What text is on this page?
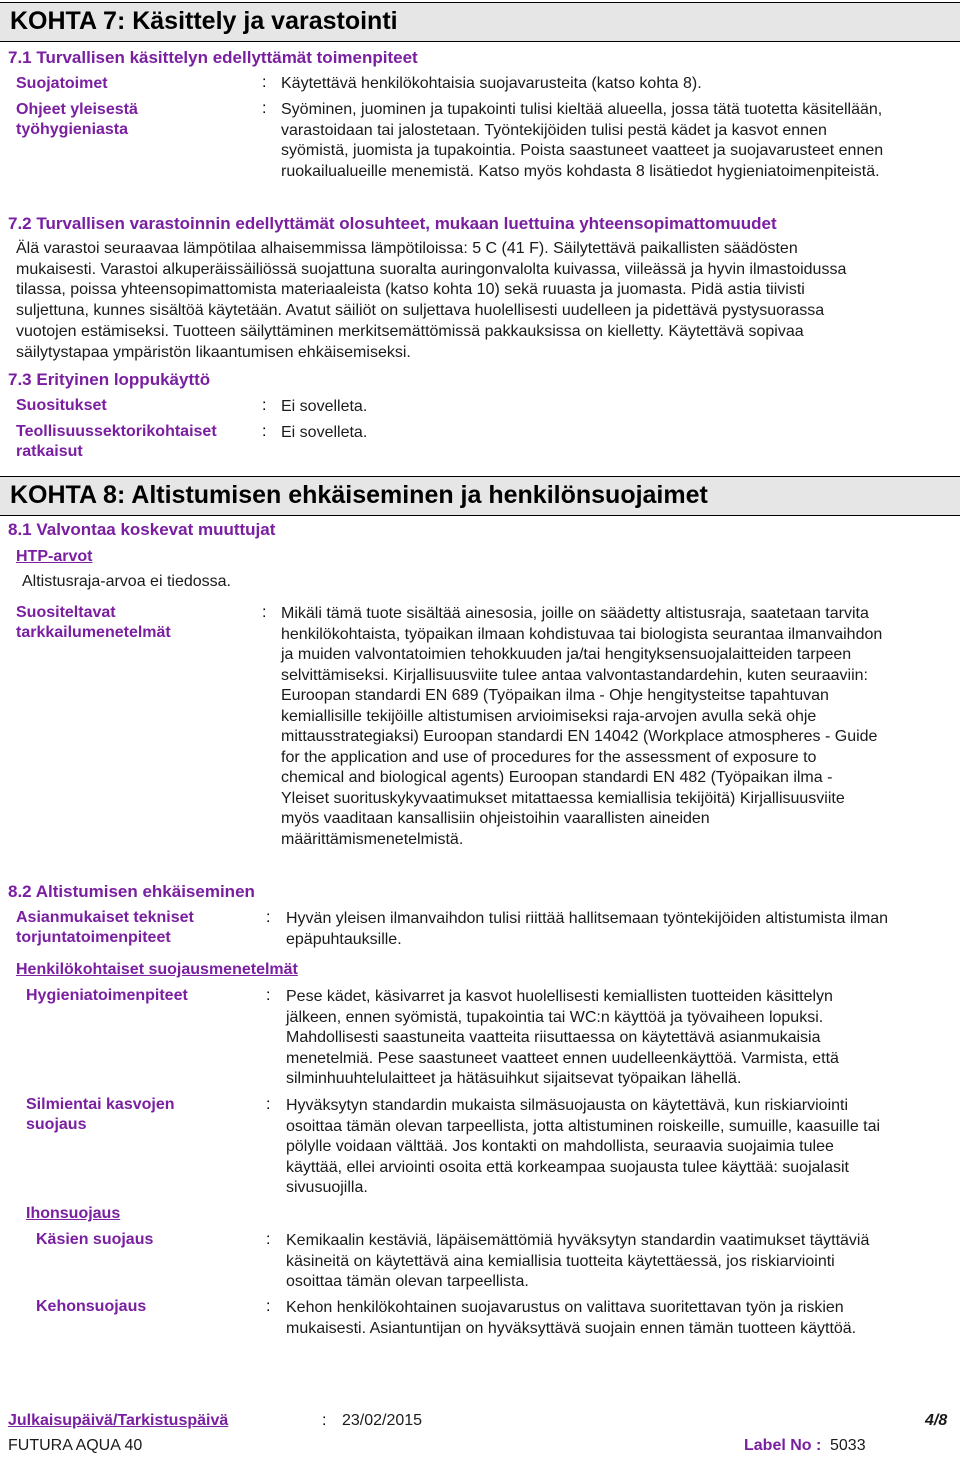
KOHTA 7: Käsittely ja varastointi
7.1 Turvallisen käsittelyn edellyttämät toimenpiteet
Suojatoimet	: Käytettävä henkilökohtaisia suojavarusteita (katso kohta 8).
Ohjeet yleisestä
työhygieniasta
: Syöminen, juominen ja tupakointi tulisi kieltää alueella, jossa tätä tuotetta käsitellään,
varastoidaan tai jalostetaan. Työntekijöiden tulisi pestä kädet ja kasvot ennen
syömistä, juomista ja tupakointia. Poista saastuneet vaatteet ja suojavarusteet ennen
ruokailualueille menemistä. Katso myös kohdasta 8 lisätiedot hygieniatoimenpiteistä.
7.2 Turvallisen varastoinnin edellyttämät olosuhteet, mukaan luettuina yhteensopimattomuudet
Älä varastoi seuraavaa lämpötilaa alhaisemmissa lämpötiloissa: 5 C (41 F). Säilytettävä paikallisten säädösten
mukaisesti. Varastoi alkuperäissäiliössä suojattuna suoralta auringonvalolta kuivassa, viileässä ja hyvin ilmastoidussa
tilassa, poissa yhteensopimattomista materiaaleista (katso kohta 10) sekä ruuasta ja juomasta. Pidä astia tiivisti
suljettuna, kunnes sisältöä käytetään. Avatut säiliöt on suljettava huolellisesti uudelleen ja pidettävä pystysuorassa
vuotojen estämiseksi. Tuotteen säilyttäminen merkitsemättömissä pakkauksissa on kielletty. Käytettävä sopivaa
säilytystapaa ympäristön likaantumisen ehkäisemiseksi.
7.3 Erityinen loppukäyttö
Suositukset	: Ei sovelleta.
Teollisuussektorikohtaiset
ratkaisut
: Ei sovelleta.
KOHTA 8: Altistumisen ehkäiseminen ja henkilönsuojaimet
8.1 Valvontaa koskevat muuttujat
HTP-arvot
Altistusraja-arvoa ei tiedossa.
Suositeltavat
tarkkailumenetelmät
: Mikäli tämä tuote sisältää ainesosia, joille on säädetty altistusraja, saatetaan tarvita
henkilökohtaista, työpaikan ilmaan kohdistuvaa tai biologista seurantaa ilmanvaihdon
ja muiden valvontatoimien tehokkuuden ja/tai hengityksensuojalaitteiden tarpeen
selvittämiseksi. Kirjallisuusviite tulee antaa valvontastandardehin, kuten seuraaviin:
Euroopan standardi EN 689 (Työpaikan ilma - Ohje hengitysteitse tapahtuvan
kemiallisille tekijöille altistumisen arvioimiseksi raja-arvojen avulla sekä ohje
mittausstrategiaksi) Euroopan standardi EN 14042 (Workplace atmospheres - Guide
for the application and use of procedures for the assessment of exposure to
chemical and biological agents) Euroopan standardi EN 482 (Työpaikan ilma -
Yleiset suorituskykyvaatimukset mitattaessa kemiallisia tekijöitä) Kirjallisuusviite
myös vaaditaan kansallisiin ohjeistoihin vaarallisten aineiden
määrittämismenetelmistä.
8.2 Altistumisen ehkäiseminen
Asianmukaiset tekniset
torjuntatoimenpiteet
: Hyvän yleisen ilmanvaihdon tulisi riittää hallitsemaan työntekijöiden altistumista ilman
epäpuhtauksille.
Henkilökohtaiset suojausmenetelmät
Hygieniatoimenpiteet	: Pese kädet, käsivarret ja kasvot huolellisesti kemiallisten tuotteiden käsittelyn
jälkeen, ennen syömistä, tupakointia tai WC:n käyttöä ja työvaiheen lopuksi.
Mahdollisesti saastuneita vaatteita riisuttaessa on käytettävä asianmukaisia
menetelmiä. Pese saastuneet vaatteet ennen uudelleenkäyttöä. Varmista, että
silminhuuhtelulaitteet ja hätäsuihkut sijaitsevat työpaikan lähellä.
Silmientai kasvojen
suojaus
: Hyväksytyn standardin mukaista silmäsuojausta on käytettävä, kun riskiarviointi
osoittaa tämän olevan tarpeellista, jotta altistuminen roiskeille, sumuille, kaasuille tai
pölylle voidaan välttää. Jos kontakti on mahdollista, seuraavia suojaimia tulee
käyttää, ellei arviointi osoita että korkeampaa suojausta tulee käyttää: suojalasit
sivusuojilla.
Ihonsuojaus
Käsien suojaus	: Kemikaalin kestäviä, läpäisemättömiä hyväksytyn standardin vaatimukset täyttäviä
käsineitä on käytettävä aina kemiallisia tuotteita käytettäessä, jos riskiarviointi
osoittaa tämän olevan tarpeellista.
Kehonsuojaus	: Kehon henkilökohtainen suojavarustus on valittava suoritettavan työn ja riskien
mukaisesti. Asiantuntijan on hyväksyttävä suojain ennen tämän tuotteen käyttöä.
Julkaisupäivä/Tarkistuspäivä	: 23/02/2015	4/8
FUTURA AQUA 40	Label No : 5033
